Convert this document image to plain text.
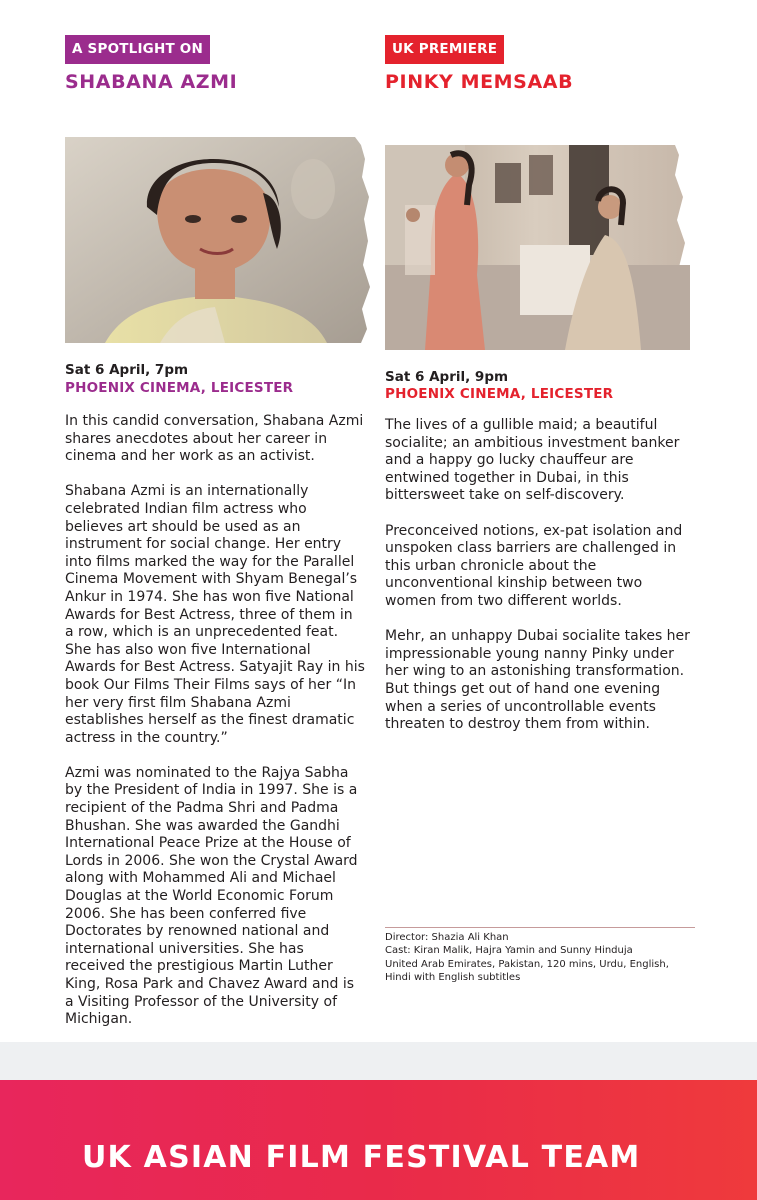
A SPOTLIGHT ON
SHABANA AZMI
Sat 6 April, 7pm
PHOENIX CINEMA, LEICESTER

In this candid conversation, Shabana Azmi shares anecdotes about her career in cinema and her work as an activist.

Shabana Azmi is an internationally celebrated Indian film actress who believes art should be used as an instrument for social change. Her entry into films marked the way for the Parallel Cinema Movement with Shyam Benegal’s Ankur in 1974. She has won five National Awards for Best Actress, three of them in a row, which is an unprecedented feat. She has also won five International Awards for Best Actress. Satyajit Ray in his book Our Films Their Films says of her “In her very first film Shabana Azmi establishes herself as the finest dramatic actress in the country.”

Azmi was nominated to the Rajya Sabha by the President of India in 1997. She is a recipient of the Padma Shri and Padma Bhushan. She was awarded the Gandhi International Peace Prize at the House of Lords in 2006. She won the Crystal Award along with Mohammed Ali and Michael Douglas at the World Economic Forum 2006. She has been conferred five Doctorates by renowned national and international universities. She has received the prestigious Martin Luther King, Rosa Park and Chavez Award and is a Visiting Professor of the University of Michigan.

UK PREMIERE
PINKY MEMSAAB
Sat 6 April, 9pm
PHOENIX CINEMA, LEICESTER

The lives of a gullible maid; a beautiful socialite; an ambitious investment banker and a happy go lucky chauffeur are entwined together in Dubai, in this bittersweet take on self-discovery.

Preconceived notions, ex-pat isolation and unspoken class barriers are challenged in this urban chronicle about the unconventional kinship between two women from two different worlds.

Mehr, an unhappy Dubai socialite takes her impressionable young nanny Pinky under her wing to an astonishing transformation. But things get out of hand one evening when a series of uncontrollable events threaten to destroy them from within.

Director: Shazia Ali Khan
Cast: Kiran Malik, Hajra Yamin and Sunny Hinduja
United Arab Emirates, Pakistan, 120 mins, Urdu, English, Hindi with English subtitles
UK ASIAN FILM FESTIVAL TEAM
